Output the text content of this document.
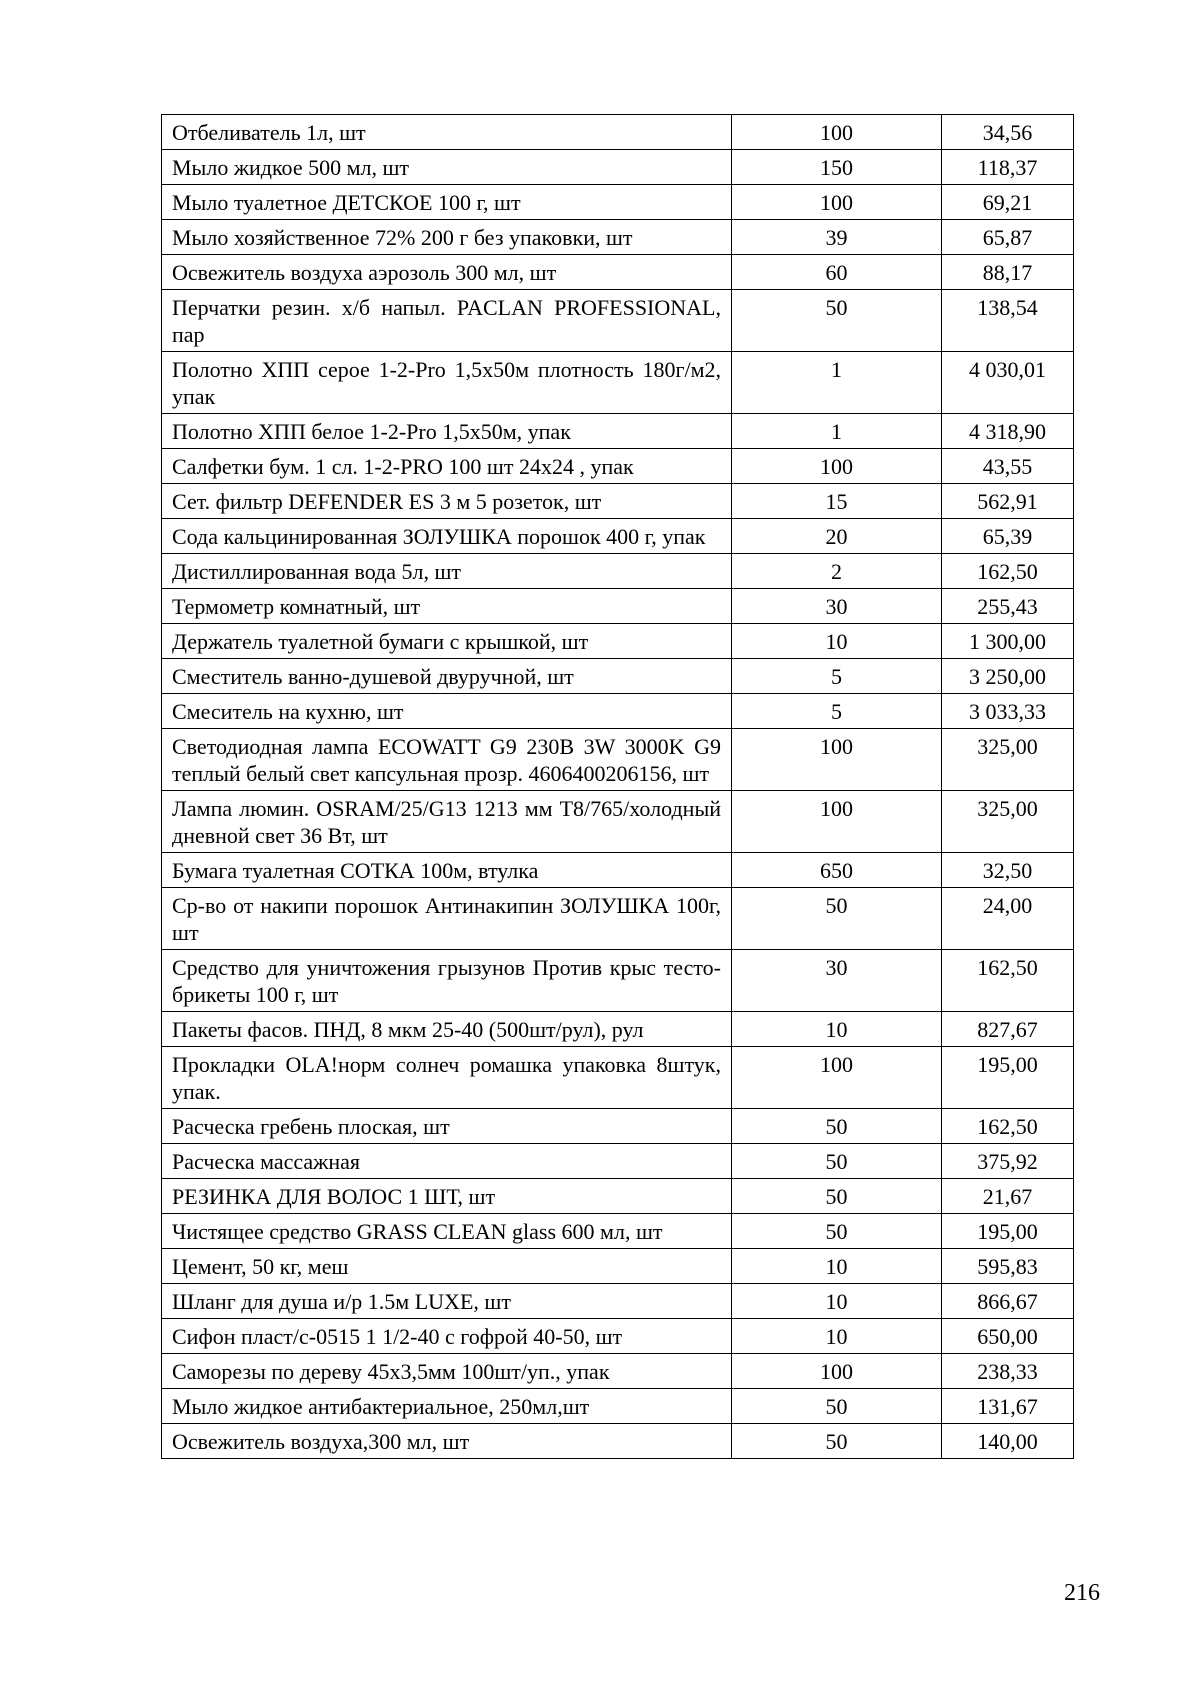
Отбеливатель 1л, шт	100	34,56
Мыло жидкое 500 мл, шт	150	118,37
Мыло туалетное ДЕТСКОЕ 100 г, шт	100	69,21
Мыло хозяйственное 72% 200 г без упаковки, шт	39	65,87
Освежитель воздуха аэрозоль 300 мл, шт	60	88,17
Перчатки резин. х/б напыл. PACLAN PROFESSIONAL, пар	50	138,54
Полотно ХПП серое 1-2-Pro 1,5х50м плотность 180г/м2, упак	1	4 030,01
Полотно ХПП белое 1-2-Pro 1,5х50м, упак	1	4 318,90
Салфетки бум. 1 сл. 1-2-PRO 100 шт 24х24 , упак	100	43,55
Сет. фильтр DEFENDER ES 3 м 5 розеток, шт	15	562,91
Сода кальцинированная ЗОЛУШКА порошок 400 г, упак	20	65,39
Дистиллированная вода 5л, шт	2	162,50
Термометр комнатный, шт	30	255,43
Держатель туалетной бумаги с крышкой, шт	10	1 300,00
Сместитель ванно-душевой двуручной, шт	5	3 250,00
Смеситель на кухню, шт	5	3 033,33
Светодиодная лампа ECOWATT G9 230В 3W 3000K G9 теплый белый свет капсульная прозр. 4606400206156, шт	100	325,00
Лампа люмин. OSRAM/25/G13 1213 мм T8/765/холодный дневной свет 36 Вт, шт	100	325,00
Бумага туалетная СОТКА 100м, втулка	650	32,50
Ср-во от накипи порошок Антинакипин ЗОЛУШКА 100г, шт	50	24,00
Средство для уничтожения грызунов Против крыс тесто-брикеты 100 г, шт	30	162,50
Пакеты фасов. ПНД, 8 мкм 25-40 (500шт/рул), рул	10	827,67
Прокладки OLA!норм солнеч ромашка упаковка 8штук, упак.	100	195,00
Расческа гребень плоская, шт	50	162,50
Расческа массажная	50	375,92
РЕЗИНКА ДЛЯ ВОЛОС 1 ШТ, шт	50	21,67
Чистящее средство GRASS CLEAN glass 600 мл, шт	50	195,00
Цемент, 50 кг, меш	10	595,83
Шланг для душа и/р 1.5м LUXE, шт	10	866,67
Сифон пласт/с-0515 1 1/2-40 с гофрой 40-50, шт	10	650,00
Саморезы по дереву 45х3,5мм 100шт/уп., упак	100	238,33
Мыло жидкое антибактериальное, 250мл,шт	50	131,67
Освежитель воздуха,300 мл, шт	50	140,00
216
